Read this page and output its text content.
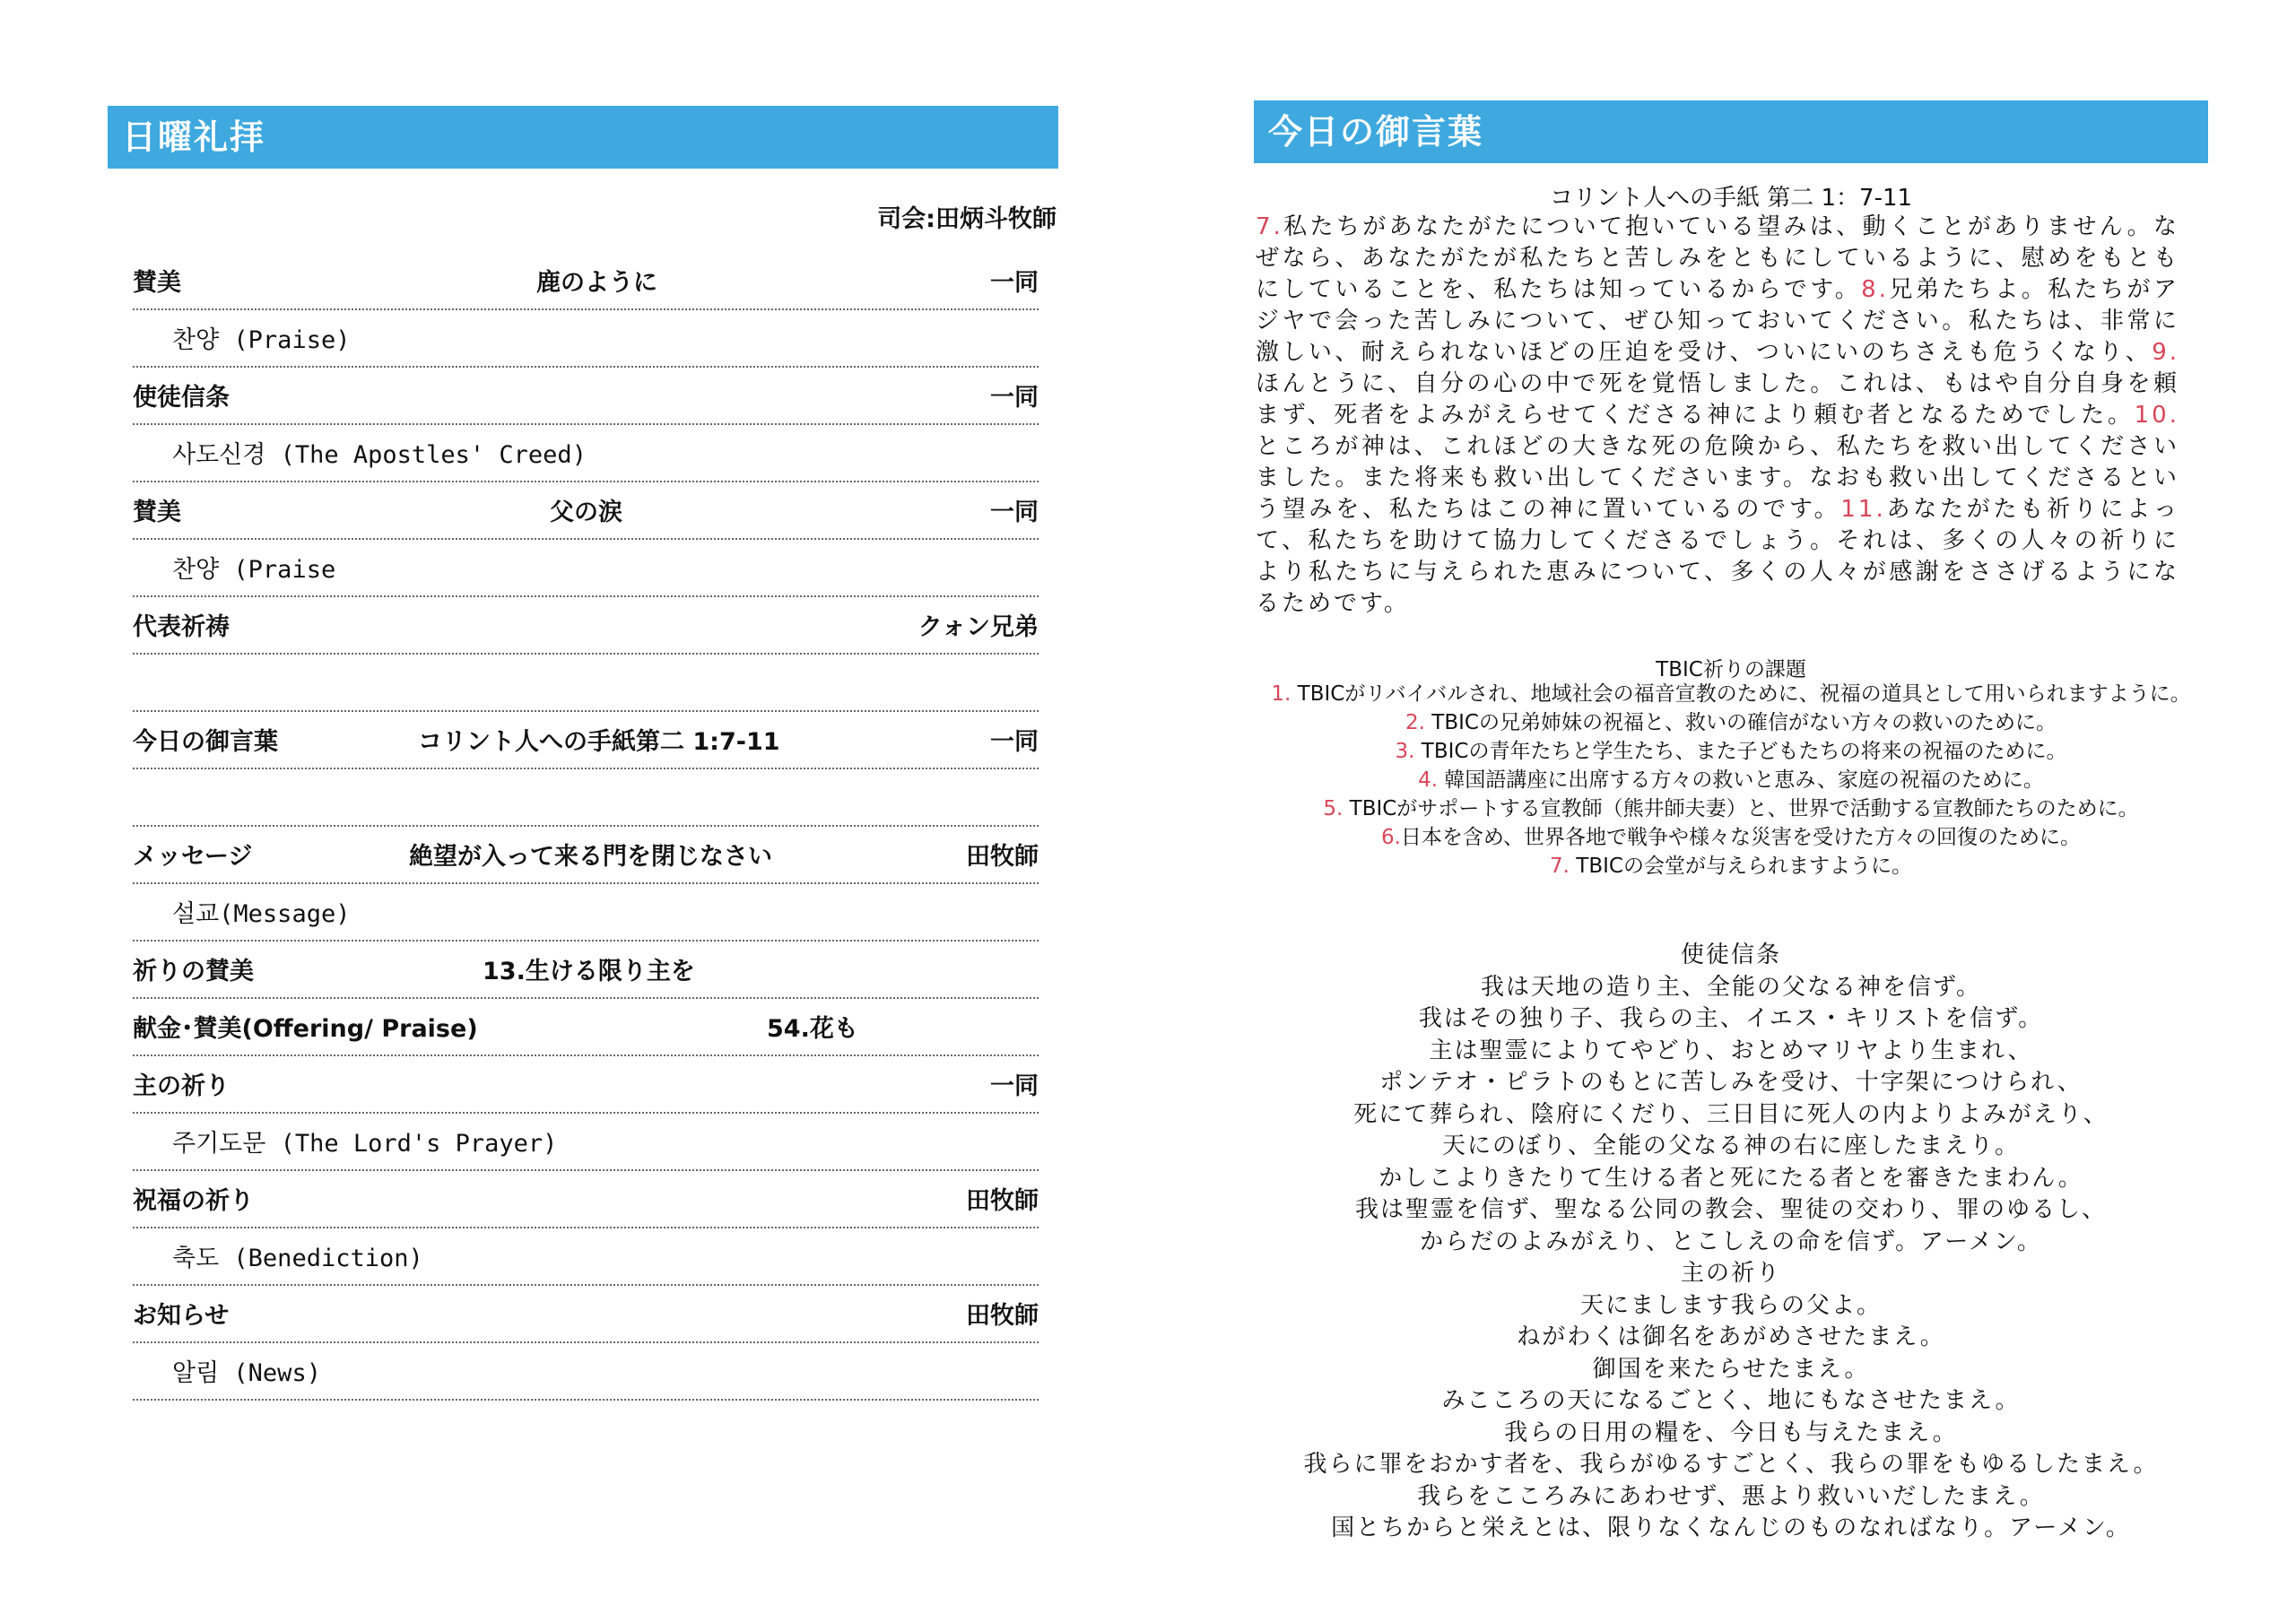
日曜礼拝
司会:田炳斗牧師
賛美	鹿のように	一同
찬양 (Praise)
使徒信条	一同
사도신경 (The Apostles' Creed)
賛美	父の涙	一同
찬양 (Praise
代表祈祷	クォン兄弟
今日の御言葉	コリント人への手紙第二 1:7-11	一同
メッセージ	絶望が入って来る門を閉じなさい	田牧師
설교(Message)
祈りの賛美	13.生ける限り主を
献金･賛美(Offering/ Praise)	54.花も
主の祈り	一同
주기도문 (The Lord's Prayer)
祝福の祈り	田牧師
축도 (Benediction)
お知らせ	田牧師
알림 (News)
今日の御言葉
コリント人への手紙 第二 1：7-11
7.私たちがあなたがたについて抱いている望みは、動くことがありません。なぜなら、あなたがたが私たちと苦しみをともにしているように、慰めをもともにしていることを、私たちは知っているからです。8.兄弟たちよ。私たちがアジヤで会った苦しみについて、ぜひ知っておいてください。私たちは、非常に激しい、耐えられないほどの圧迫を受け、ついにいのちさえも危うくなり、9.ほんとうに、自分の心の中で死を覚悟しました。これは、もはや自分自身を頼まず、死者をよみがえらせてくださる神により頼む者となるためでした。10.ところが神は、これほどの大きな死の危険から、私たちを救い出してくださいました。また将来も救い出してくださいます。なおも救い出してくださるという望みを、私たちはこの神に置いているのです。11.あなたがたも祈りによって、私たちを助けて協力してくださるでしょう。それは、多くの人々の祈りにより私たちに与えられた恵みについて、多くの人々が感謝をささげるようになるためです。
TBIC祈りの課題
1. TBICがリバイバルされ、地域社会の福音宣教のために、祝福の道具として用いられますように。
2. TBICの兄弟姉妹の祝福と、救いの確信がない方々の救いのために。
3. TBICの青年たちと学生たち、また子どもたちの将来の祝福のために。
4. 韓国語講座に出席する方々の救いと恵み、家庭の祝福のために。
5. TBICがサポートする宣教師（熊井師夫妻）と、世界で活動する宣教師たちのために。
6.日本を含め、世界各地で戦争や様々な災害を受けた方々の回復のために。
7. TBICの会堂が与えられますように。
使徒信条
我は天地の造り主、全能の父なる神を信ず。
我はその独り子、我らの主、イエス・キリストを信ず。
主は聖霊によりてやどり、おとめマリヤより生まれ、
ポンテオ・ピラトのもとに苦しみを受け、十字架につけられ、
死にて葬られ、陰府にくだり、三日目に死人の内よりよみがえり、
天にのぼり、全能の父なる神の右に座したまえり。
かしこよりきたりて生ける者と死にたる者とを審きたまわん。
我は聖霊を信ず、聖なる公同の教会、聖徒の交わり、罪のゆるし、
からだのよみがえり、とこしえの命を信ず。アーメン。
主の祈り
天にまします我らの父よ。
ねがわくは御名をあがめさせたまえ。
御国を来たらせたまえ。
みこころの天になるごとく、地にもなさせたまえ。
我らの日用の糧を、今日も与えたまえ。
我らに罪をおかす者を、我らがゆるすごとく、我らの罪をもゆるしたまえ。
我らをこころみにあわせず、悪より救いいだしたまえ。
国とちからと栄えとは、限りなくなんじのものなればなり。アーメン。
